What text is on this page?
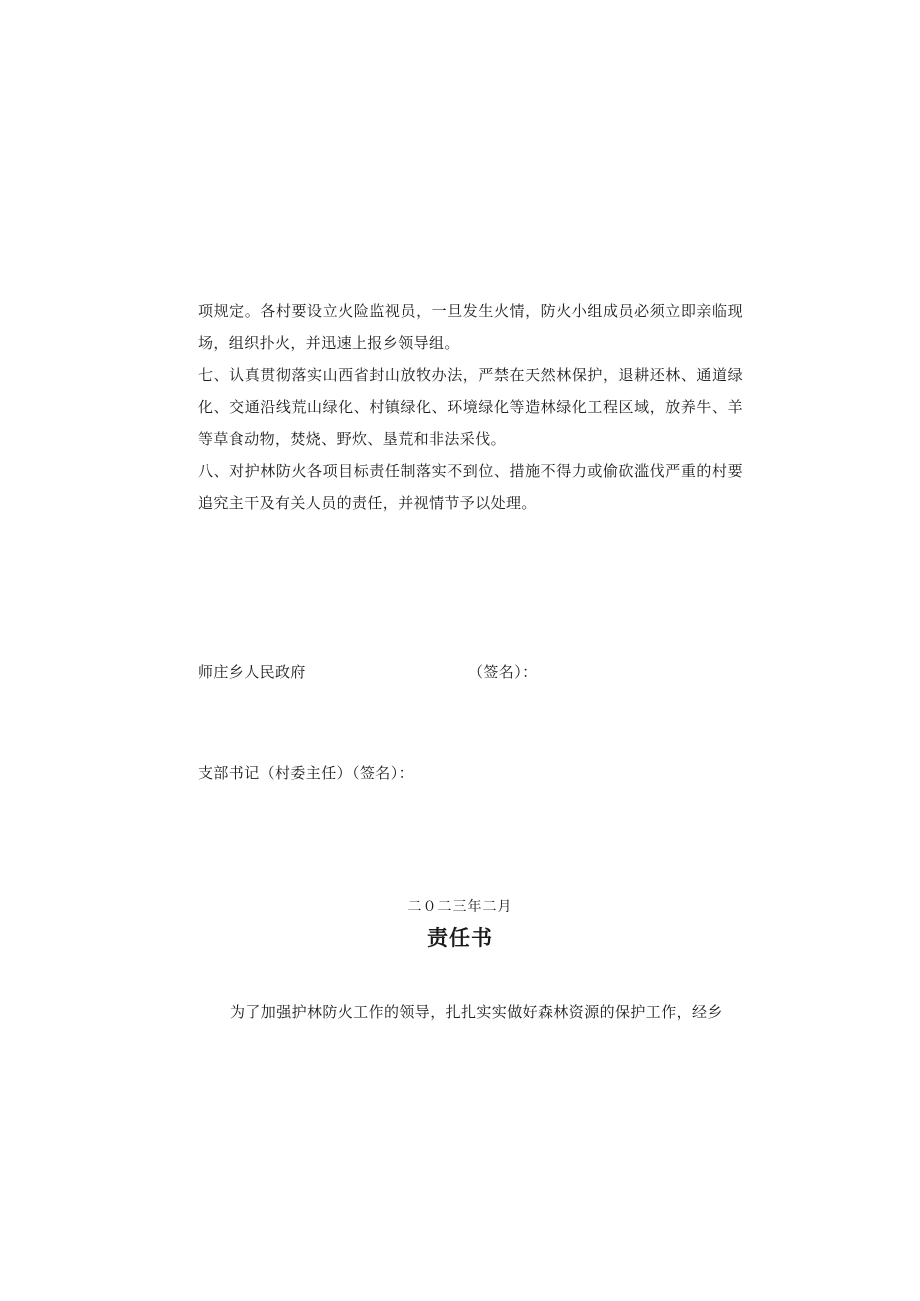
项规定。各村要设立火险监视员，一旦发生火情，防火小组成员必须立即亲临现场，组织扑火，并迅速上报乡领导组。

七、认真贯彻落实山西省封山放牧办法，严禁在天然林保护，退耕还林、通道绿化、交通沿线荒山绿化、村镇绿化、环境绿化等造林绿化工程区域，放养牛、羊等草食动物，焚烧、野炊、垦荒和非法采伐。

八、对护林防火各项目标责任制落实不到位、措施不得力或偷砍滥伐严重的村要追究主干及有关人员的责任，并视情节予以处理。

师庄乡人民政府	（签名）：
支部书记（村委主任）（签名）：
二０二三年二月
责任书

为了加强护林防火工作的领导，扎扎实实做好森林资源的保护工作，经乡
